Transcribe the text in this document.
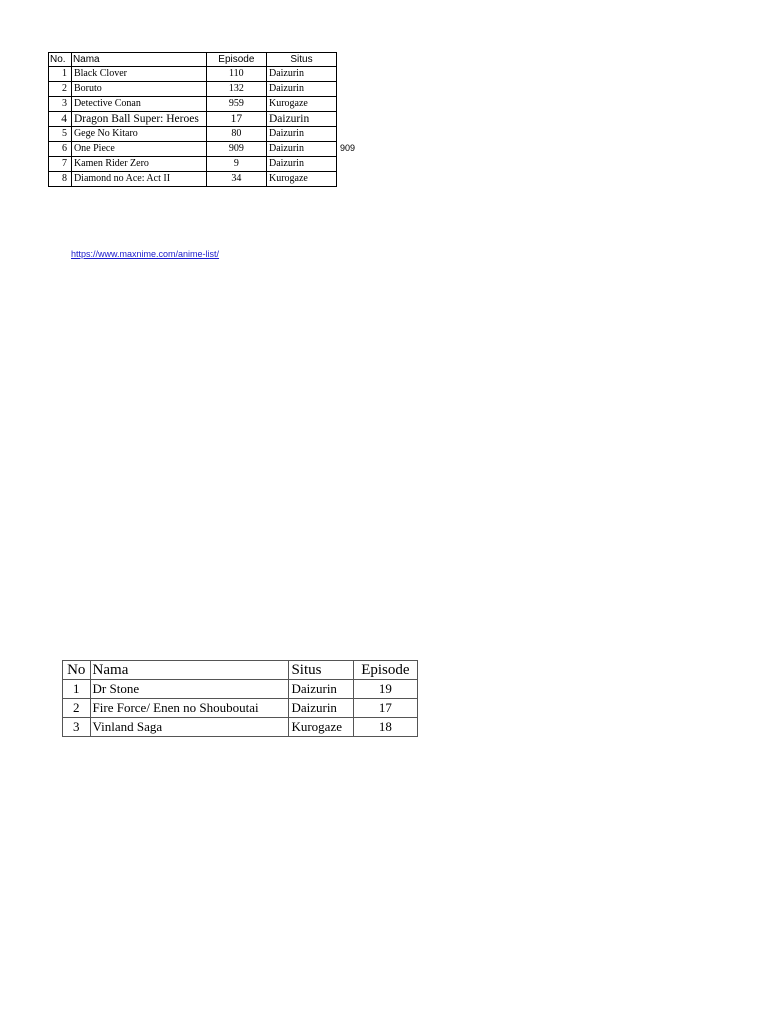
No.	Nama	Episode	Situs
1	Black Clover	110	Daizurin
2	Boruto	132	Daizurin
3	Detective Conan	959	Kurogaze
4	Dragon Ball Super: Heroes	17	Daizurin
5	Gege No Kitaro	80	Daizurin
6	One Piece	909	Daizurin
7	Kamen Rider Zero	9	Daizurin
8	Diamond no Ace: Act II	34	Kurogaze
909
https://www.maxnime.com/anime-list/
No	Nama	Situs	Episode
1	Dr Stone	Daizurin	19
2	Fire Force/ Enen no Shouboutai	Daizurin	17
3	Vinland Saga	Kurogaze	18
